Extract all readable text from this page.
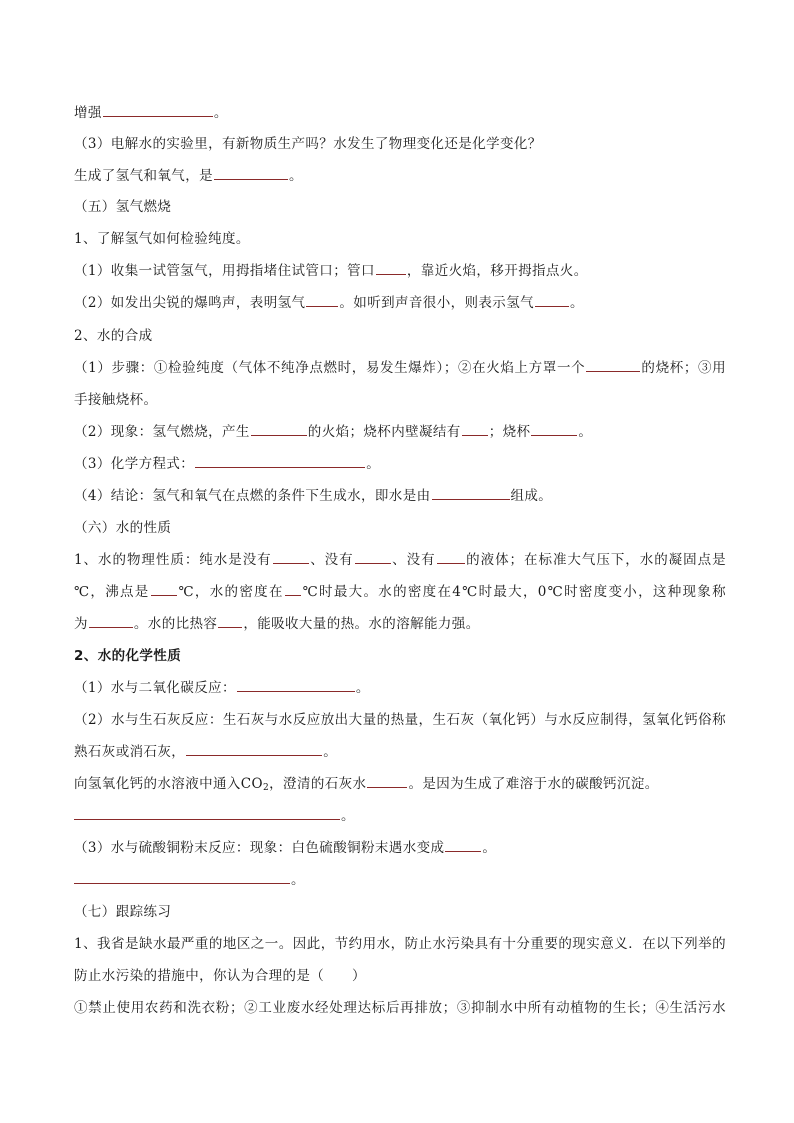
增强	。
（3）电解水的实验里，有新物质生产吗？水发生了物理变化还是化学变化？
生成了氢气和氧气，是	。
（五）氢气燃烧
1、了解氢气如何检验纯度。
（1）收集一试管氢气，用拇指堵住试管口；管口 ，靠近火焰，移开拇指点火。
（2）如发出尖锐的爆鸣声，表明氢气	。如听到声音很小，则表示氢气	。
2、水的合成
（1）步骤：①检验纯度（气体不纯净点燃时，易发生爆炸）；②在火焰上方罩一个	的烧杯；③用
手接触烧杯。
（2）现象：氢气燃烧，产生	的火焰；烧杯内壁凝结有 ；烧杯	。
（3）化学方程式：	。
（4）结论：氢气和氧气在点燃的条件下生成水，即水是由	组成。
（六）水的性质
1、水的物理性质：纯水是没有	、没有	、没有 的液体；在标准大气压下，水的凝固点是
℃，沸点是 ℃，水的密度在 ℃时最大。水的密度在4℃时最大，0℃时密度变小，这种现象称
为	。水的比热容 ，能吸收大量的热。水的溶解能力强。
2、水的化学性质
（1）水与二氧化碳反应：	。
（2）水与生石灰反应：生石灰与水反应放出大量的热量，生石灰（氧化钙）与水反应制得，氢氧化钙俗称
熟石灰或消石灰，	。
向氢氧化钙的水溶液中通入$CO_2$，澄清的石灰水	。是因为生成了难溶于水的碳酸钙沉淀。
。
（3）水与硫酸铜粉末反应：现象：白色硫酸铜粉末遇水变成	。
。
（七）跟踪练习
1、我省是缺水最严重的地区之一。因此，节约用水，防止水污染具有十分重要的现实意义．在以下列举的
防止水污染的措施中，你认为合理的是（　　）
①禁止使用农药和洗衣粉；②工业废水经处理达标后再排放；③抑制水中所有动植物的生长；④生活污水
